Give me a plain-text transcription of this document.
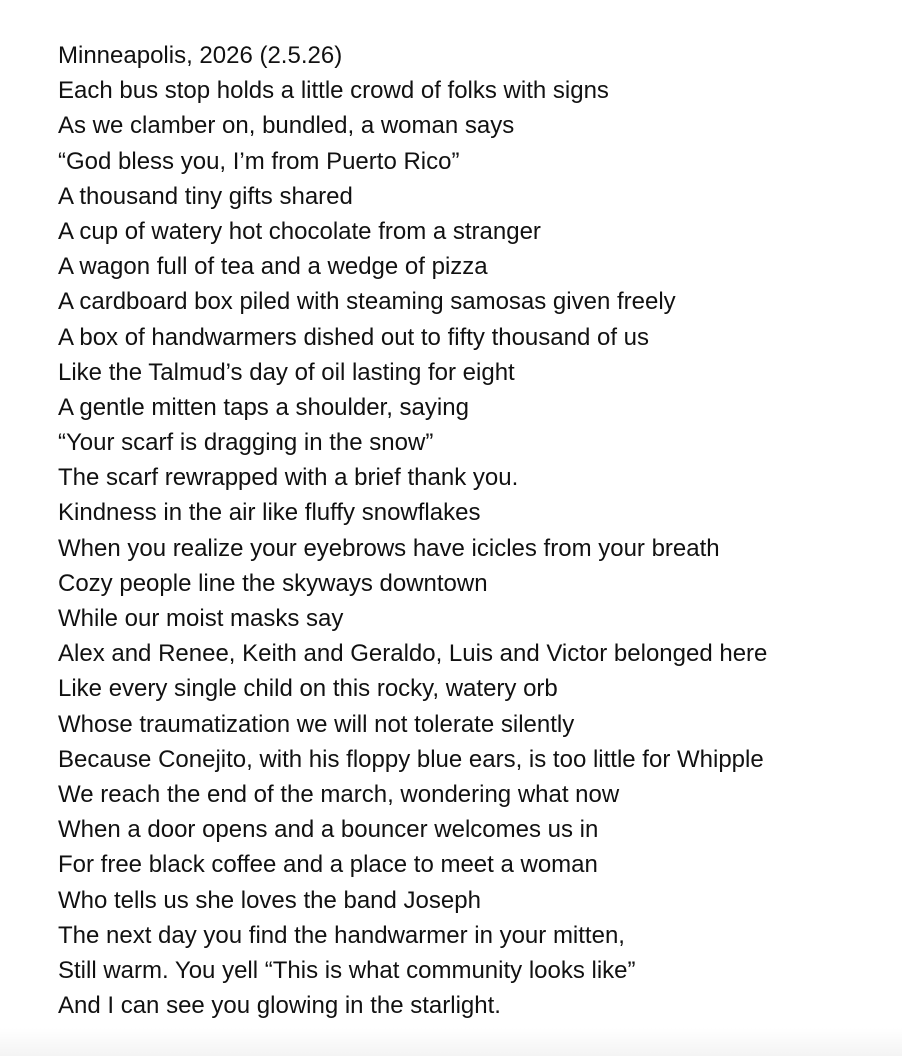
Minneapolis, 2026 (2.5.26)
Each bus stop holds a little crowd of folks with signs
As we clamber on, bundled, a woman says
“God bless you, I’m from Puerto Rico”
A thousand tiny gifts shared
A cup of watery hot chocolate from a stranger
A wagon full of tea and a wedge of pizza
A cardboard box piled with steaming samosas given freely
A box of handwarmers dished out to fifty thousand of us
Like the Talmud’s day of oil lasting for eight
A gentle mitten taps a shoulder, saying
“Your scarf is dragging in the snow”
The scarf rewrapped with a brief thank you.
Kindness in the air like fluffy snowflakes
When you realize your eyebrows have icicles from your breath
Cozy people line the skyways downtown
While our moist masks say
Alex and Renee, Keith and Geraldo, Luis and Victor belonged here
Like every single child on this rocky, watery orb
Whose traumatization we will not tolerate silently
Because Conejito, with his floppy blue ears, is too little for Whipple
We reach the end of the march, wondering what now
When a door opens and a bouncer welcomes us in
For free black coffee and a place to meet a woman
Who tells us she loves the band Joseph
The next day you find the handwarmer in your mitten,
Still warm. You yell “This is what community looks like”
And I can see you glowing in the starlight.
